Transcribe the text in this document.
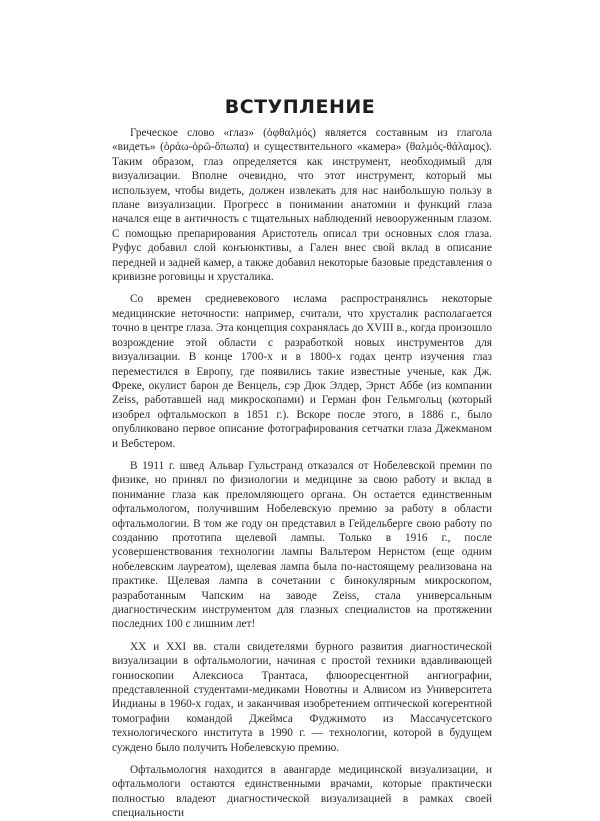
ВСТУПЛЕНИЕ

Греческое слово «глаз» (ὀφθαλμός) является составным из глагола «видеть» (ὁράω-ὀρῶ-ὄπωπα) и существительного «камера» (θαλμός-θάλαμος). Таким образом, глаз определяется как инструмент, необходимый для визуализации. Вполне очевидно, что этот инструмент, который мы используем, чтобы видеть, должен извлекать для нас наибольшую пользу в плане визуализации. Прогресс в понимании анатомии и функций глаза начался еще в античность с тщательных наблюдений невооруженным глазом. С помощью препарирования Аристотель описал три основных слоя глаза. Руфус добавил слой конъюнктивы, а Гален внес свой вклад в описание передней и задней камер, а также добавил некоторые базовые представления о кривизне роговицы и хрусталика.

Со времен средневекового ислама распространялись некоторые медицинские неточности: например, считали, что хрусталик располагается точно в центре глаза. Эта концепция сохранялась до XVIII в., когда произошло возрождение этой области с разработкой новых инструментов для визуализации. В конце 1700-х и в 1800-х годах центр изучения глаз переместился в Европу, где появились такие известные ученые, как Дж. Фреке, окулист барон де Венцель, сэр Дюк Элдер, Эрнст Аббе (из компании Zeiss, работавшей над микроскопами) и Герман фон Гельмгольц (который изобрел офтальмоскоп в 1851 г.). Вскоре после этого, в 1886 г., было опубликовано первое описание фотографирования сетчатки глаза Джекманом и Вебстером.

В 1911 г. швед Альвар Гульстранд отказался от Нобелевской премии по физике, но принял по физиологии и медицине за свою работу и вклад в понимание глаза как преломляющего органа. Он остается единственным офтальмологом, получившим Нобелевскую премию за работу в области офтальмологии. В том же году он представил в Гейдельберге свою работу по созданию прототипа щелевой лампы. Только в 1916 г., после усовершенствования технологии лампы Вальтером Нернстом (еще одним нобелевским лауреатом), щелевая лампа была по-настоящему реализована на практике. Щелевая лампа в сочетании с бинокулярным микроскопом, разработанным Чапским на заводе Zeiss, стала универсальным диагностическим инструментом для глазных специалистов на протяжении последних 100 с лишним лет!

XX и XXI вв. стали свидетелями бурного развития диагностической визуализации в офтальмологии, начиная с простой техники вдавливающей гониоскопии Алексиоса Трантаса, флюоресцентной ангиографии, представленной студентами-медиками Новотны и Алвисом из Университета Индианы в 1960-х годах, и заканчивая изобретением оптической когерентной томографии командой Джеймса Фуджимото из Массачусетского технологического института в 1990 г. — технологии, которой в будущем суждено было получить Нобелевскую премию.

Офтальмология находится в авангарде медицинской визуализации, и офтальмологи остаются единственными врачами, которые практически полностью владеют диагностической визуализацией в рамках своей специальности
